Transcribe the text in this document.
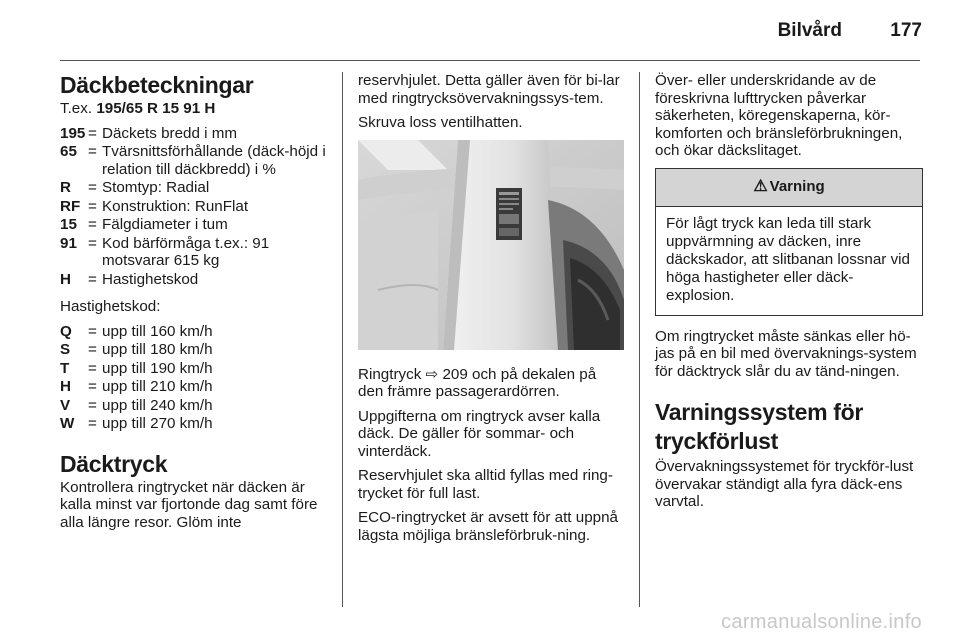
Bilvård	177
Däckbeteckningar

T.ex. 195/65 R 15 91 H

195 = Däckets bredd i mm
65 = Tvärsnittsförhållande (däck-höjd i relation till däckbredd) i %
R	= Stomtyp: Radial
RF = Konstruktion: RunFlat
15 = Fälgdiameter i tum
91 = Kod bärförmåga t.ex.: 91 motsvarar 615 kg
H	= Hastighetskod

Hastighetskod:

Q	= upp till 160 km/h
S	= upp till 180 km/h
T	= upp till 190 km/h
H	= upp till 210 km/h
V	= upp till 240 km/h
W = upp till 270 km/h
Däcktryck

Kontrollera ringtrycket när däcken är kalla minst var fjortonde dag samt före alla längre resor. Glöm inte

reservhjulet. Detta gäller även för bi-lar med ringtrycksövervakningssys-tem.

Skruva loss ventilhatten.

Ringtryck ⇨ 209 och på dekalen på den främre passagerardörren.

Uppgifterna om ringtryck avser kalla däck. De gäller för sommar- och vinterdäck.

Reservhjulet ska alltid fyllas med ring-trycket för full last.

ECO-ringtrycket är avsett för att uppnå lägsta möjliga bränsleförbruk-ning.

Över- eller underskridande av de föreskrivna lufttrycken påverkar säkerheten, köregenskaperna, kör-komforten och bränsleförbrukningen, och ökar däckslitaget.

⚠ Varning
För lågt tryck kan leda till stark uppvärmning av däcken, inre däckskador, att slitbanan lossnar vid höga hastigheter eller däck-explosion.

Om ringtrycket måste sänkas eller hö-jas på en bil med övervaknings-system för däcktryck slår du av tänd-ningen.

Varningssystem för tryckförlust

Övervakningssystemet för tryckför-lust övervakar ständigt alla fyra däck-ens varvtal.

carmanualsonline.info
